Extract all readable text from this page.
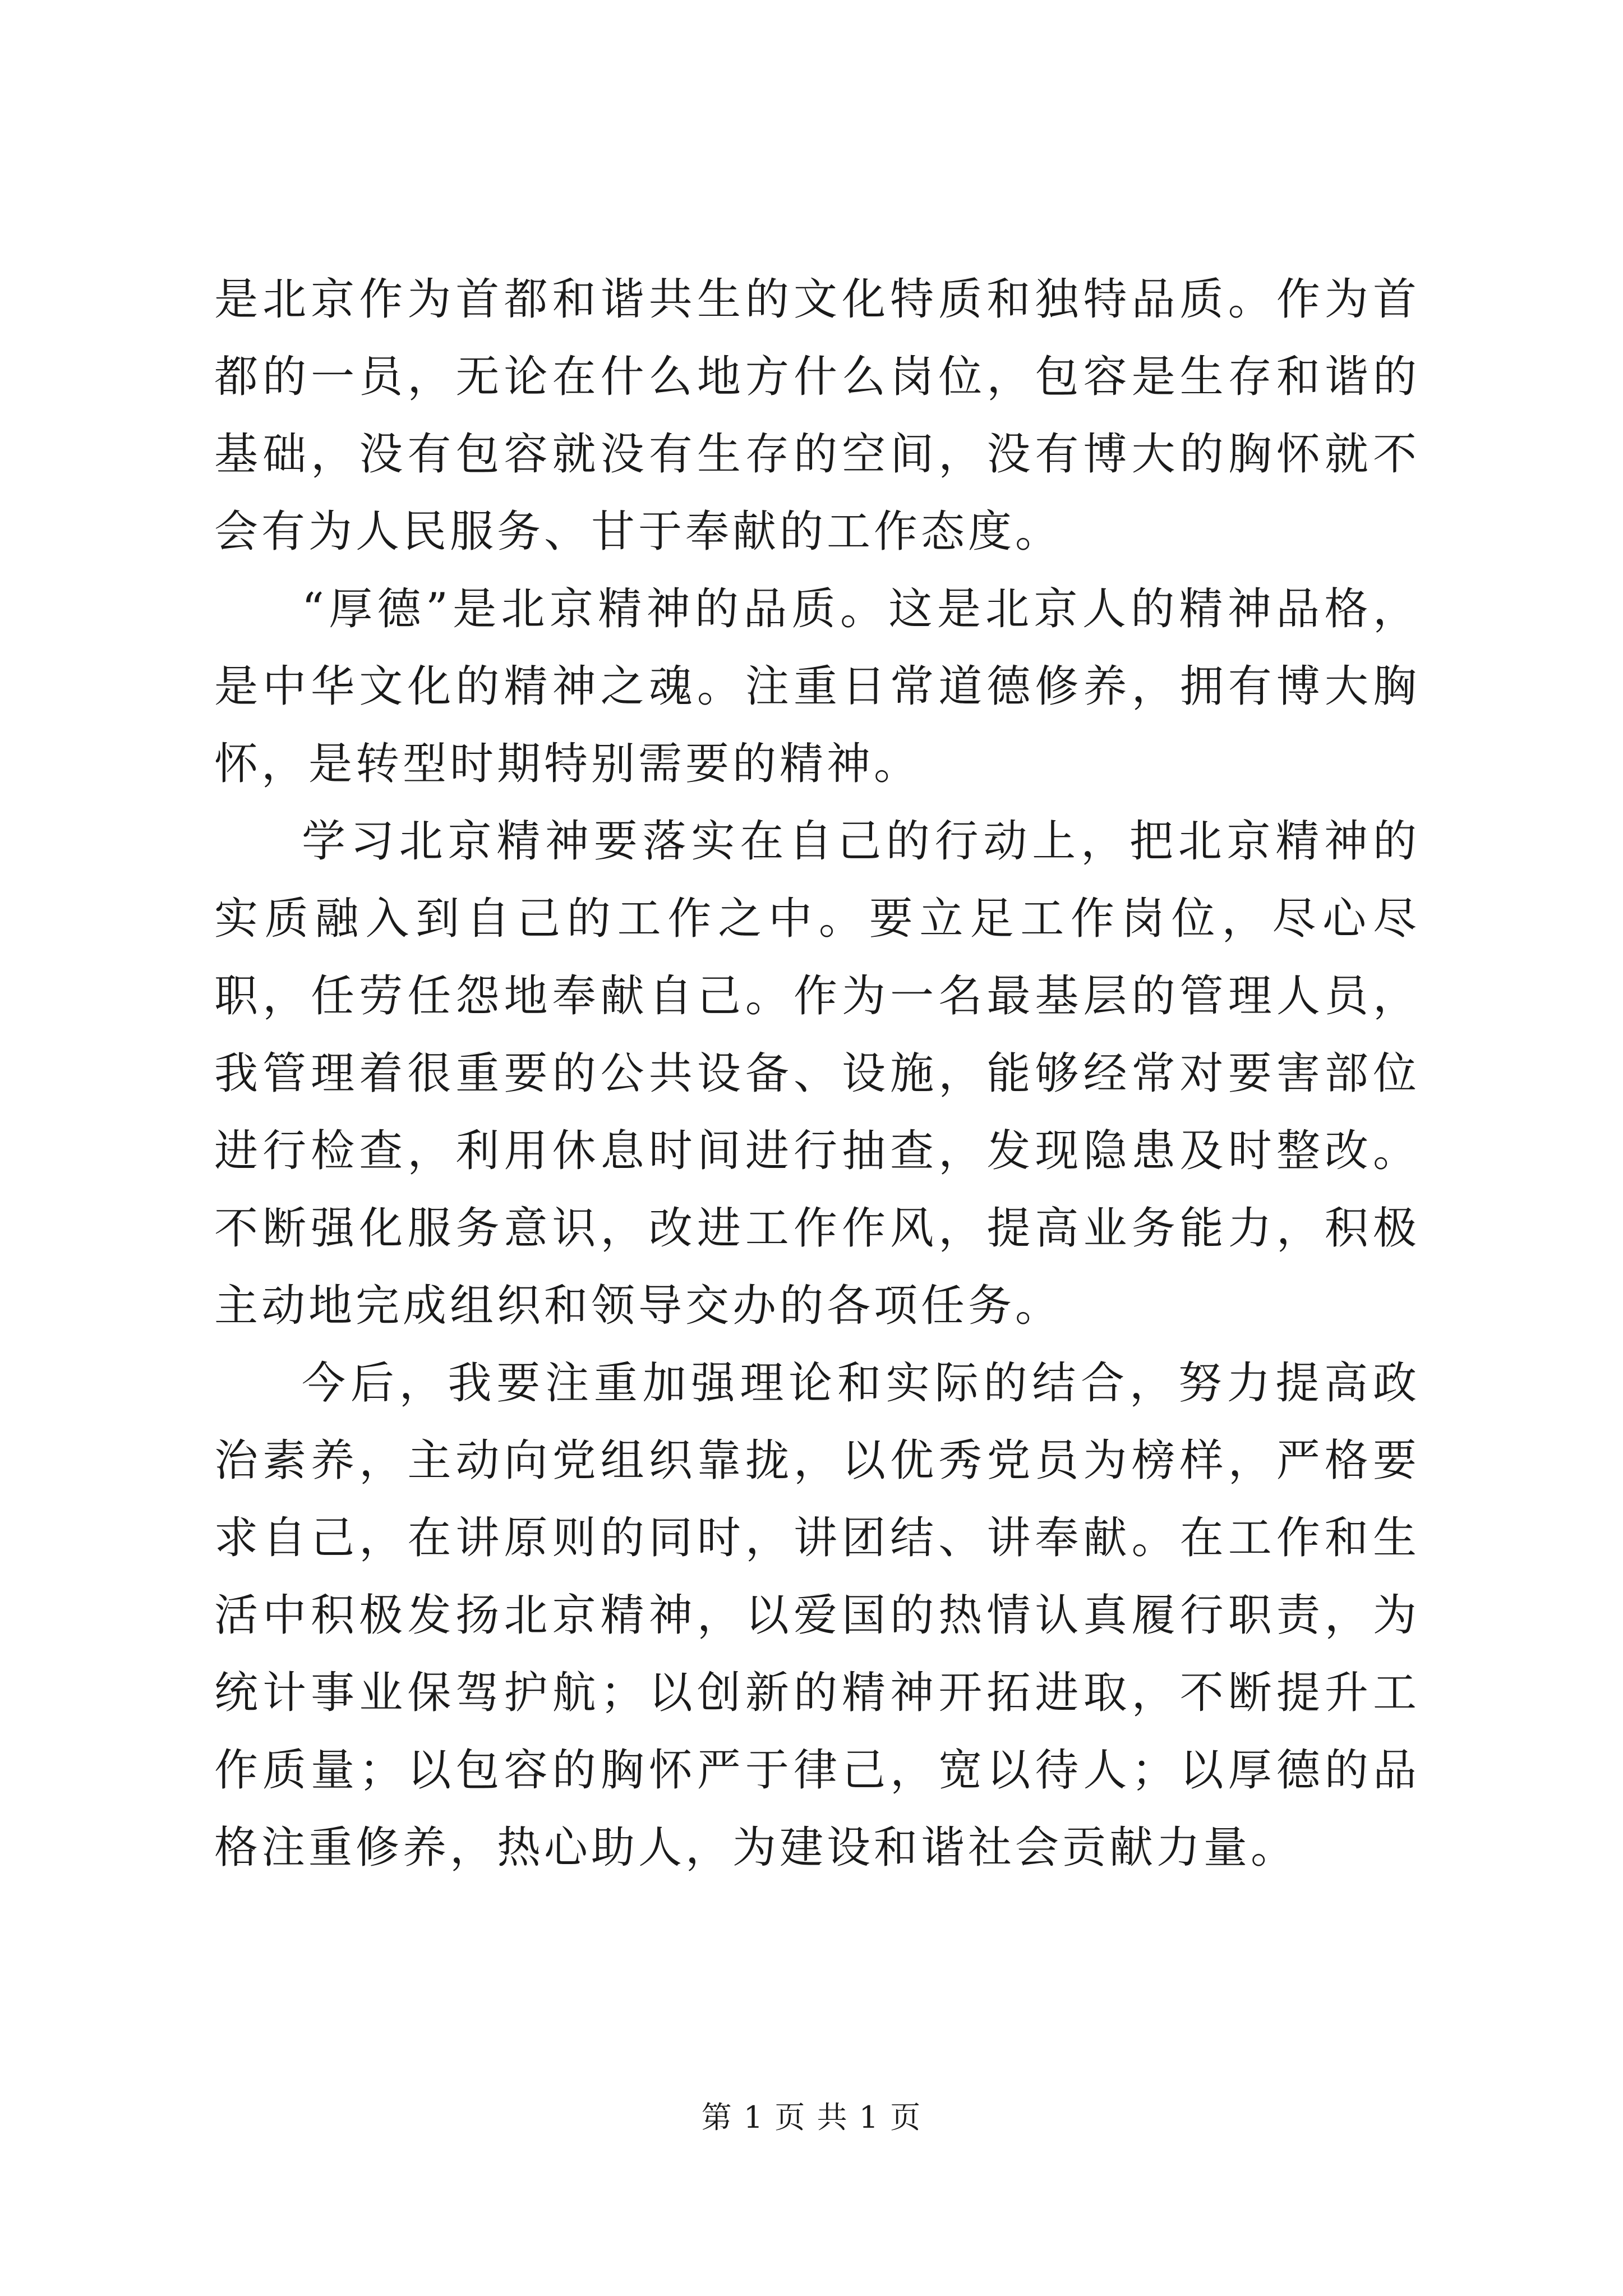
是北京作为首都和谐共生的文化特质和独特品质。作为首都的一员，无论在什么地方什么岗位，包容是生存和谐的基础，没有包容就没有生存的空间，没有博大的胸怀就不会有为人民服务、甘于奉献的工作态度。

“厚德”是北京精神的品质。这是北京人的精神品格，是中华文化的精神之魂。注重日常道德修养，拥有博大胸怀，是转型时期特别需要的精神。

学习北京精神要落实在自己的行动上，把北京精神的实质融入到自己的工作之中。要立足工作岗位，尽心尽职，任劳任怨地奉献自己。作为一名最基层的管理人员，我管理着很重要的公共设备、设施，能够经常对要害部位进行检查，利用休息时间进行抽查，发现隐患及时整改。不断强化服务意识，改进工作作风，提高业务能力，积极主动地完成组织和领导交办的各项任务。

今后，我要注重加强理论和实际的结合，努力提高政治素养，主动向党组织靠拢，以优秀党员为榜样，严格要求自己，在讲原则的同时，讲团结、讲奉献。在工作和生活中积极发扬北京精神，以爱国的热情认真履行职责，为统计事业保驾护航；以创新的精神开拓进取，不断提升工作质量；以包容的胸怀严于律己，宽以待人；以厚德的品格注重修养，热心助人，为建设和谐社会贡献力量。

第 1 页 共 1 页
